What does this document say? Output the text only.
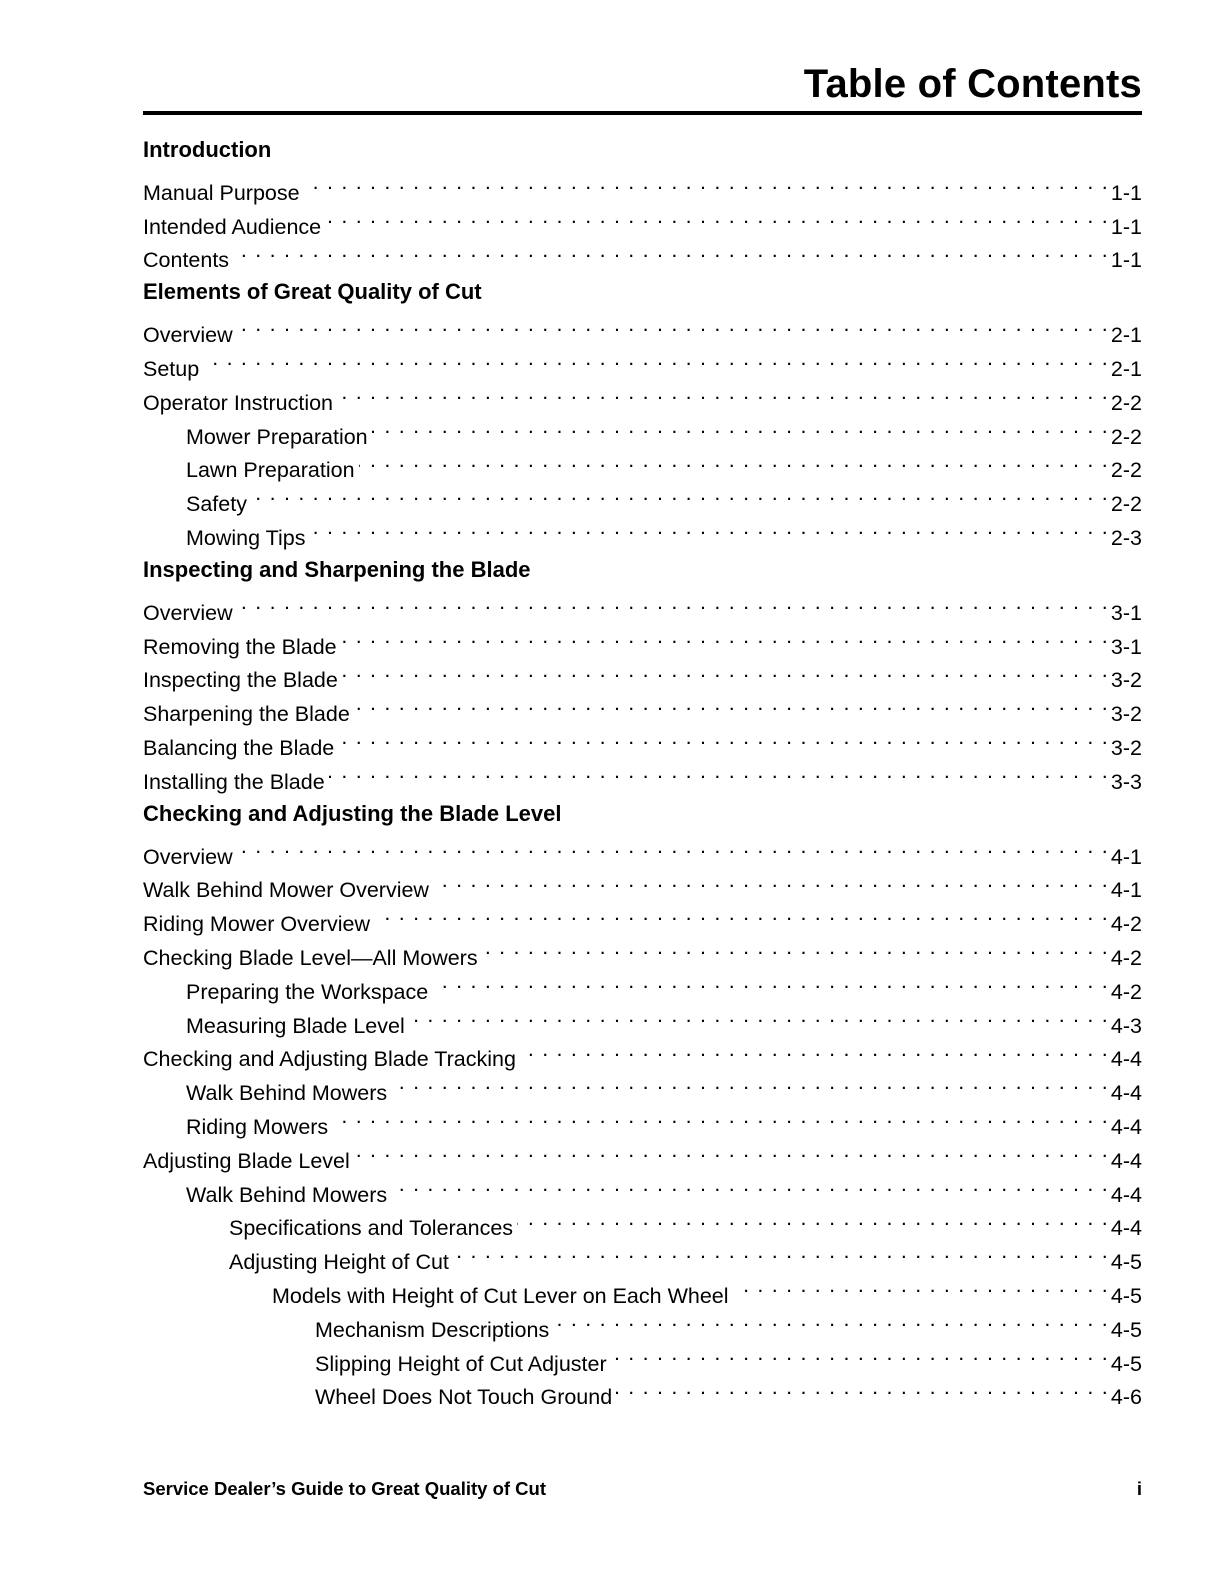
Table of Contents
Introduction
Manual Purpose . . .	1-1
Intended Audience . . .	1-1
Contents . . .	1-1
Elements of Great Quality of Cut
Overview . . .	2-1
Setup . . .	2-1
Operator Instruction . . .	2-2
Mower Preparation . . .	2-2
Lawn Preparation . . .	2-2
Safety . . .	2-2
Mowing Tips . . .	2-3
Inspecting and Sharpening the Blade
Overview . . .	3-1
Removing the Blade . . .	3-1
Inspecting the Blade . . .	3-2
Sharpening the Blade . . .	3-2
Balancing the Blade . . .	3-2
Installing the Blade . . .	3-3
Checking and Adjusting the Blade Level
Overview . . .	4-1
Walk Behind Mower Overview . . .	4-1
Riding Mower Overview . . .	4-2
Checking Blade Level—All Mowers . . .	4-2
Preparing the Workspace . . .	4-2
Measuring Blade Level . . .	4-3
Checking and Adjusting Blade Tracking . . .	4-4
Walk Behind Mowers . . .	4-4
Riding Mowers . . .	4-4
Adjusting Blade Level . . .	4-4
Walk Behind Mowers . . .	4-4
Specifications and Tolerances . . .	4-4
Adjusting Height of Cut . . .	4-5
Models with Height of Cut Lever on Each Wheel . . .	4-5
Mechanism Descriptions . . .	4-5
Slipping Height of Cut Adjuster . . .	4-5
Wheel Does Not Touch Ground . . .	4-6
Service Dealer’s Guide to Great Quality of Cut	i
